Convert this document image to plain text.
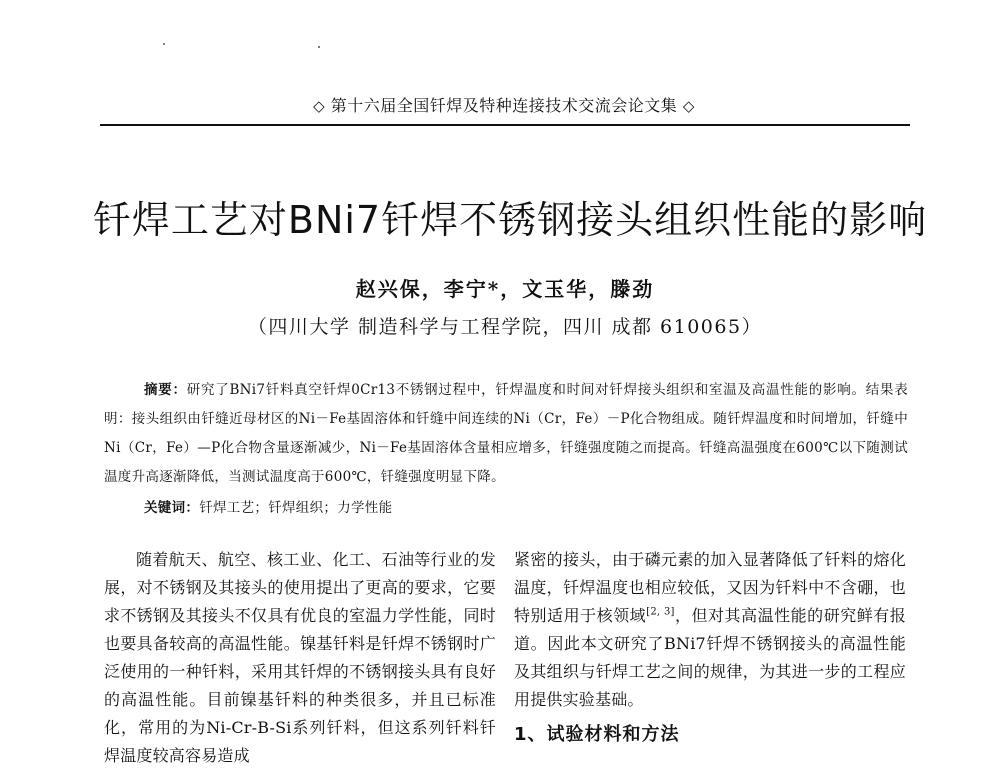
◇ 第十六届全国钎焊及特种连接技术交流会论文集 ◇
钎焊工艺对BNi7钎焊不锈钢接头组织性能的影响
赵兴保，李宁*，文玉华，滕劲
（四川大学 制造科学与工程学院，四川 成都 610065）
摘要：研究了BNi7钎料真空钎焊0Cr13不锈钢过程中，钎焊温度和时间对钎焊接头组织和室温及高温性能的影响。结果表明：接头组织由钎缝近母材区的Ni－Fe基固溶体和钎缝中间连续的Ni（Cr，Fe）－P化合物组成。随钎焊温度和时间增加，钎缝中Ni（Cr，Fe）—P化合物含量逐渐减少，Ni－Fe基固溶体含量相应增多，钎缝强度随之而提高。钎缝高温强度在600℃以下随测试温度升高逐渐降低，当测试温度高于600℃，钎缝强度明显下降。
关键词：钎焊工艺；钎焊组织；力学性能

随着航天、航空、核工业、化工、石油等行业的发展，对不锈钢及其接头的使用提出了更高的要求，它要求不锈钢及其接头不仅具有优良的室温力学性能，同时也要具备较高的高温性能。镍基钎料是钎焊不锈钢时广泛使用的一种钎料，采用其钎焊的不锈钢接头具有良好的高温性能。目前镍基钎料的种类很多，并且已标准化，常用的为Ni-Cr-B-Si系列钎料，但这系列钎料钎焊温度较高容易造成

紧密的接头，由于磷元素的加入显著降低了钎料的熔化温度，钎焊温度也相应较低，又因为钎料中不含硼，也特别适用于核领域[2, 3]，但对其高温性能的研究鲜有报道。因此本文研究了BNi7钎焊不锈钢接头的高温性能及其组织与钎焊工艺之间的规律，为其进一步的工程应用提供实验基础。

1、试验材料和方法
